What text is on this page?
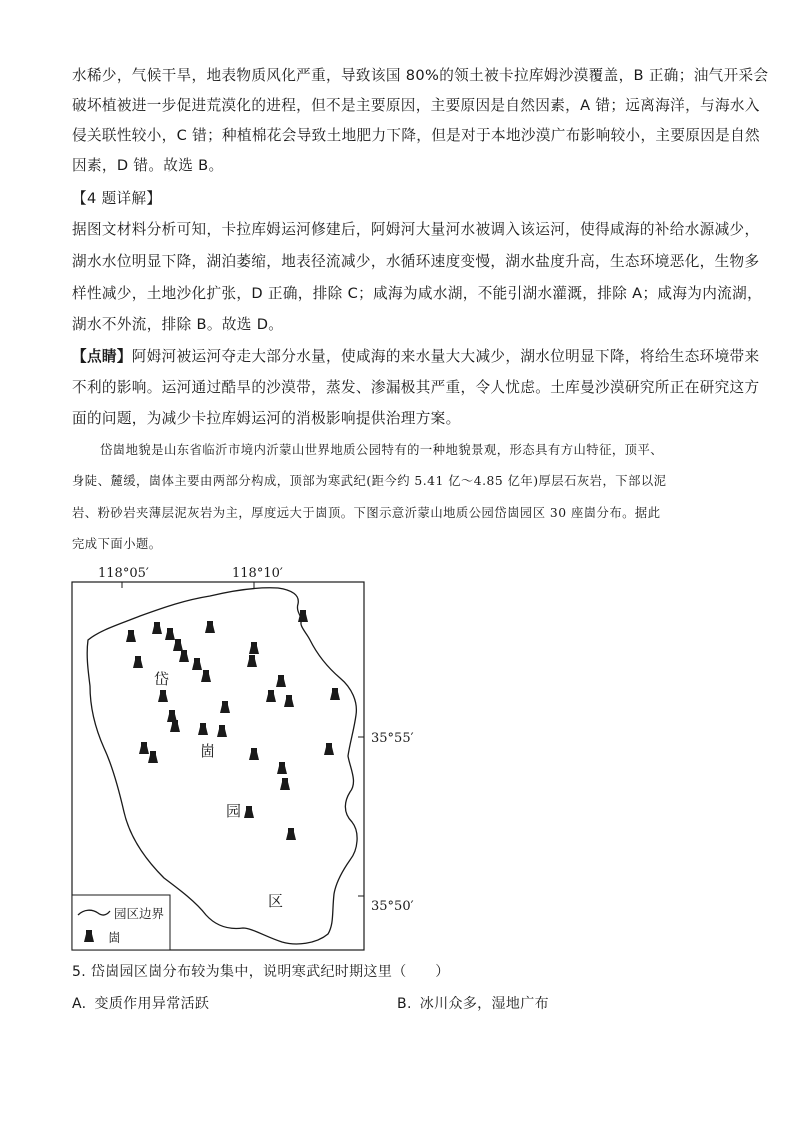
水稀少，气候干旱，地表物质风化严重，导致该国 80%的领土被卡拉库姆沙漠覆盖，B 正确；油气开采会
破坏植被进一步促进荒漠化的进程，但不是主要原因，主要原因是自然因素，A 错；远离海洋，与海水入
侵关联性较小，C 错；种植棉花会导致土地肥力下降，但是对于本地沙漠广布影响较小，主要原因是自然
因素，D 错。故选 B。
【4 题详解】
据图文材料分析可知，卡拉库姆运河修建后，阿姆河大量河水被调入该运河，使得咸海的补给水源减少，
湖水水位明显下降，湖泊萎缩，地表径流减少，水循环速度变慢，湖水盐度升高，生态环境恶化，生物多
样性减少，土地沙化扩张，D 正确，排除 C；咸海为咸水湖，不能引湖水灌溉，排除 A；咸海为内流湖，
湖水不外流，排除 B。故选 D。
【点睛】阿姆河被运河夺走大部分水量，使咸海的来水量大大减少，湖水位明显下降，将给生态环境带来
不利的影响。运河通过酷旱的沙漠带，蒸发、渗漏极其严重，令人忧虑。土库曼沙漠研究所正在研究这方
面的问题，为减少卡拉库姆运河的消极影响提供治理方案。
岱崮地貌是山东省临沂市境内沂蒙山世界地质公园特有的一种地貌景观，形态具有方山特征，顶平、
身陡、麓缓，崮体主要由两部分构成，顶部为寒武纪(距今约 5.41 亿～4.85 亿年)厚层石灰岩，下部以泥
岩、粉砂岩夹薄层泥灰岩为主，厚度远大于崮顶。下图示意沂蒙山地质公园岱崮园区 30 座崮分布。据此
完成下面小题。
118°05′	118°10′
35°55′
35°50′
岱
崮
园
区
园区边界
崮
5. 岱崮园区崮分布较为集中，说明寒武纪时期这里（　　）
A. 变质作用异常活跃	B. 冰川众多，湿地广布
